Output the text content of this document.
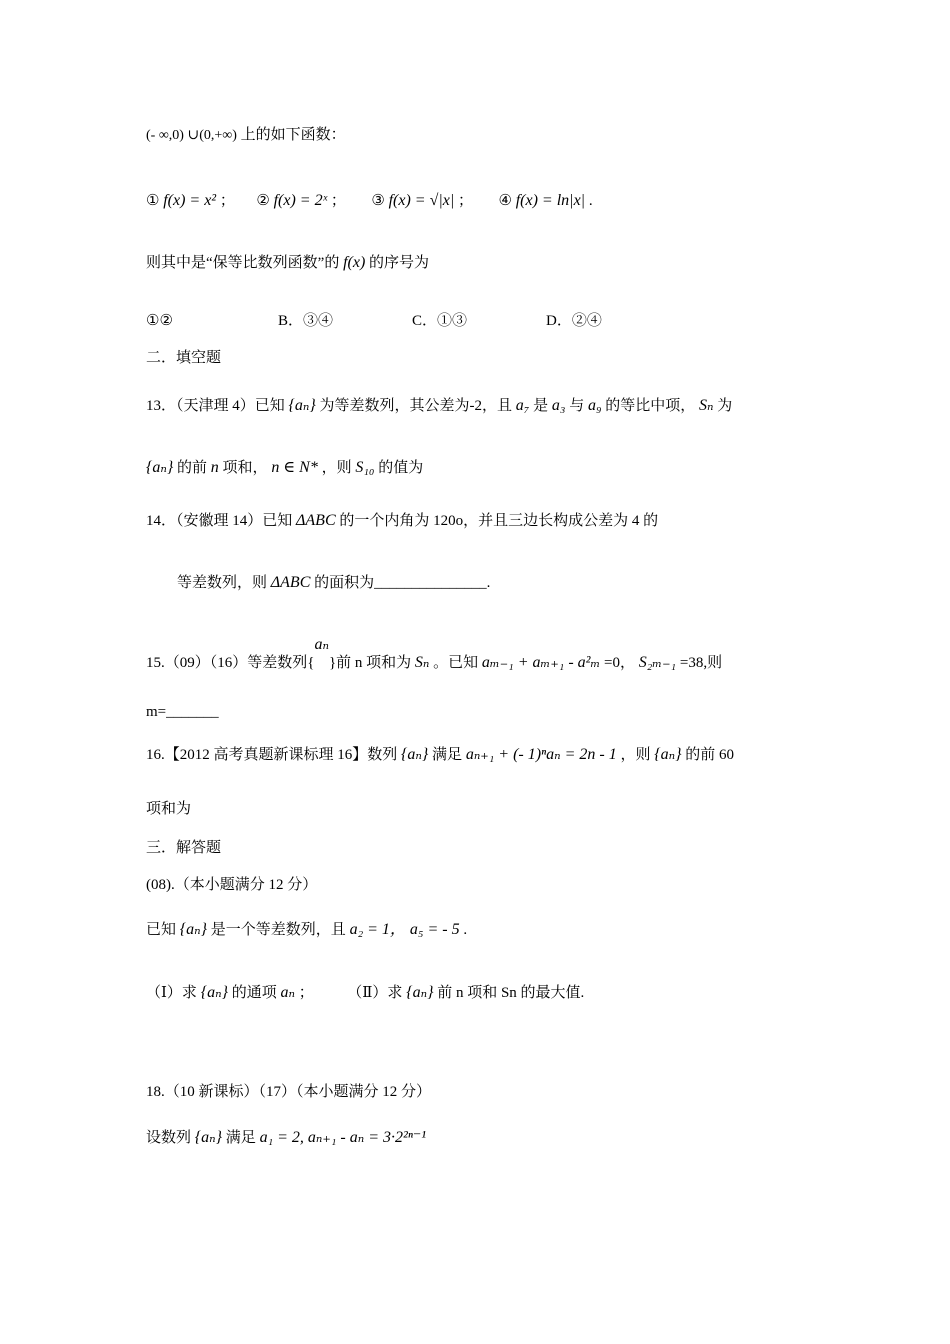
(- ∞,0) ∪(0,+∞) 上的如下函数：
① f(x) = x² ； ② f(x) = 2ˣ ； ③ f(x) = √|x| ； ④ f(x) = ln|x| .
则其中是“保等比数列函数”的 f(x) 的序号为
①②	B．③④	C．①③	D．②④
二．填空题
13．（天津理 4）已知 {aₙ} 为等差数列，其公差为-2，且 a₇ 是 a₃ 与 a₉ 的等比中项， Sₙ 为
{aₙ} 的前 n 项和， n ∈ N* ，则 S₁₀ 的值为
14．（安徽理 14）已知 ΔABC 的一个内角为 120o，并且三边长构成公差为 4 的
等差数列，则 ΔABC 的面积为_______________.
15.（09）（16）等差数列{aₙ}前 n 项和为 Sₙ 。已知 aₘ₋₁ + aₘ₊₁ - a²ₘ =0， S₂ₘ₋₁ =38,则
m=_______
16.【2012 高考真题新课标理 16】数列 {aₙ} 满足 aₙ₊₁ + (- 1)ⁿaₙ = 2n - 1 ，则 {aₙ} 的前 60
项和为
三．解答题
(08).（本小题满分 12 分）
已知 {aₙ} 是一个等差数列，且 a₂ = 1， a₅ = - 5 .
（Ⅰ）求 {aₙ} 的通项 aₙ ； （Ⅱ）求 {aₙ} 前 n 项和 Sn 的最大值.
18.（10 新课标）（17）（本小题满分 12 分）
设数列 {aₙ} 满足 a₁ = 2, aₙ₊₁ - aₙ = 3·2²ⁿ⁻¹
